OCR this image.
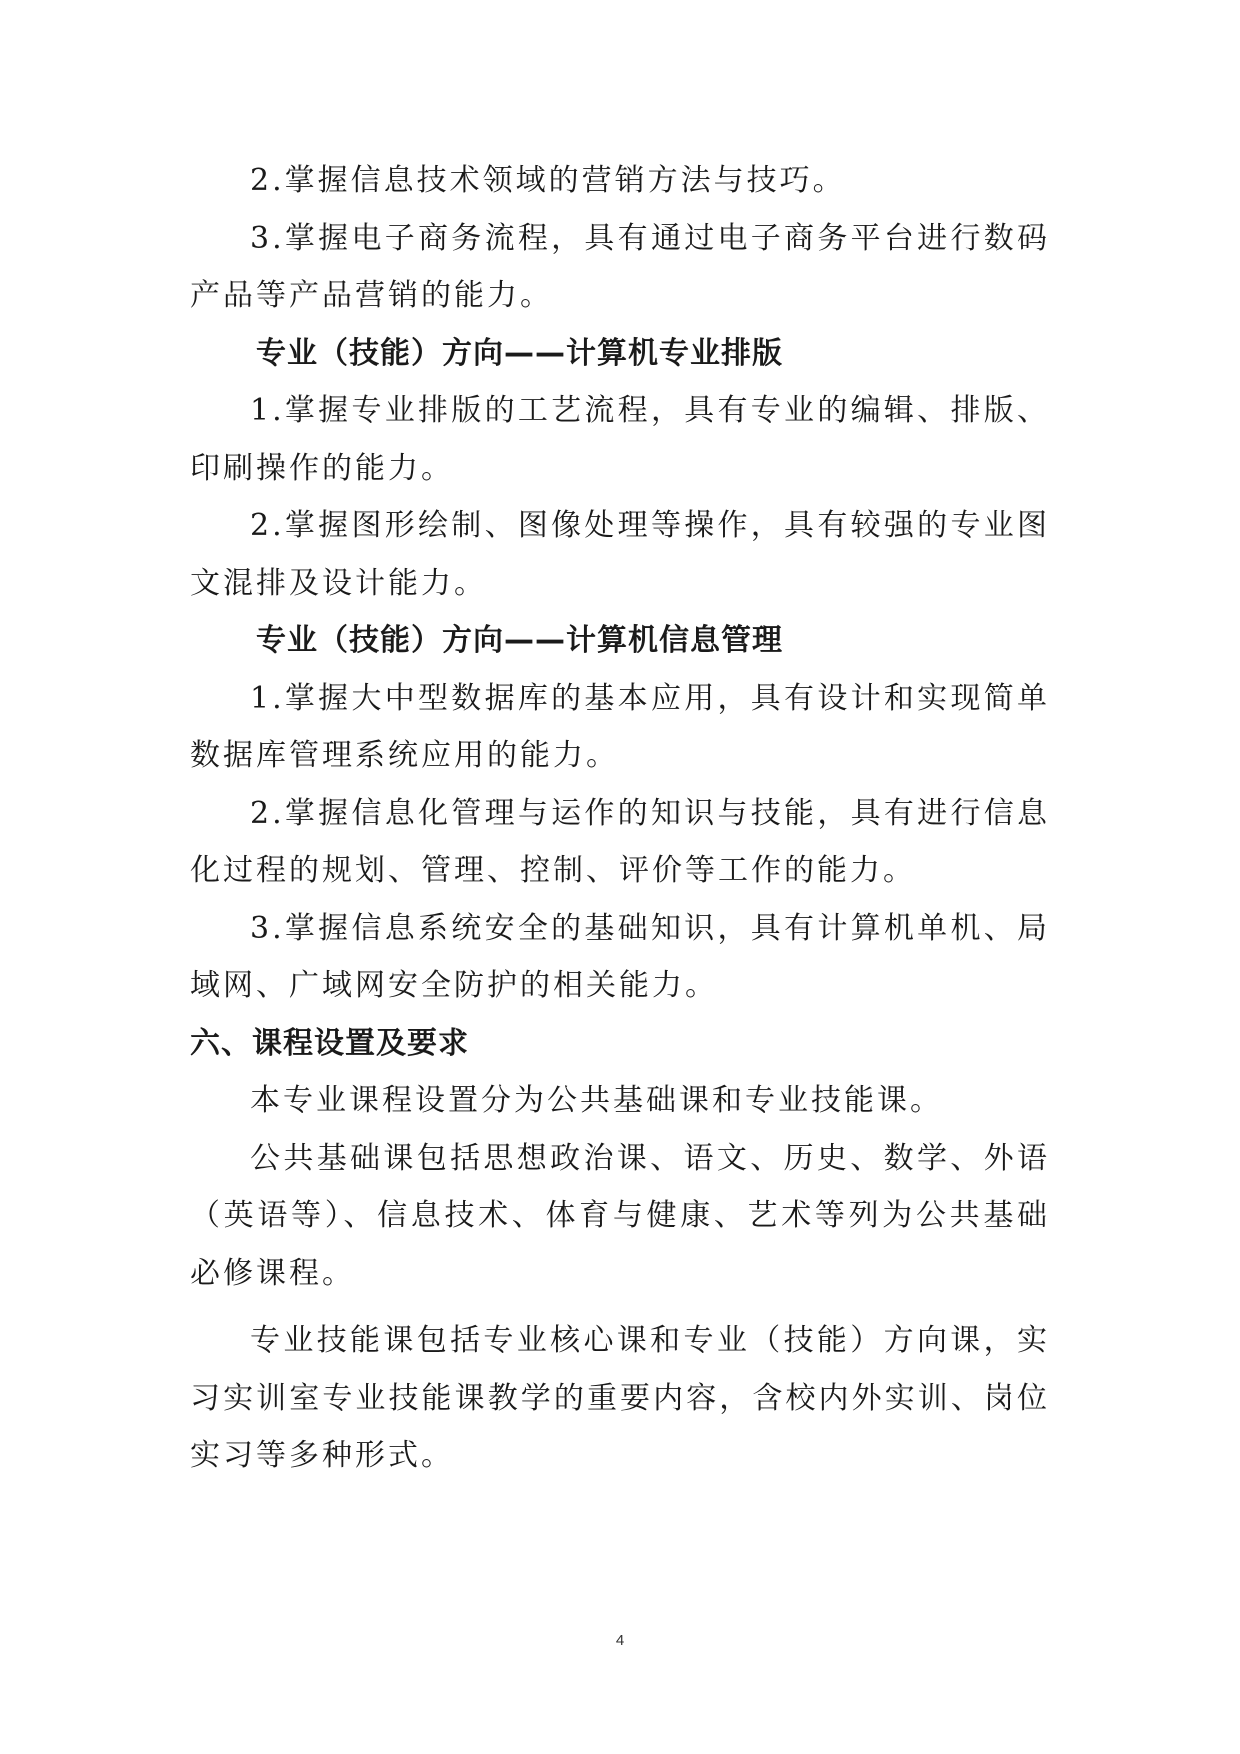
2.掌握信息技术领域的营销方法与技巧。

3.掌握电子商务流程，具有通过电子商务平台进行数码产品等产品营销的能力。

专业（技能）方向——计算机专业排版

1.掌握专业排版的工艺流程，具有专业的编辑、排版、印刷操作的能力。

2.掌握图形绘制、图像处理等操作，具有较强的专业图文混排及设计能力。

专业（技能）方向——计算机信息管理

1.掌握大中型数据库的基本应用，具有设计和实现简单数据库管理系统应用的能力。

2.掌握信息化管理与运作的知识与技能，具有进行信息化过程的规划、管理、控制、评价等工作的能力。

3.掌握信息系统安全的基础知识，具有计算机单机、局域网、广域网安全防护的相关能力。

六、课程设置及要求

本专业课程设置分为公共基础课和专业技能课。

公共基础课包括思想政治课、语文、历史、数学、外语（英语等）、信息技术、体育与健康、艺术等列为公共基础必修课程。

专业技能课包括专业核心课和专业（技能）方向课，实习实训室专业技能课教学的重要内容，含校内外实训、岗位实习等多种形式。

4
